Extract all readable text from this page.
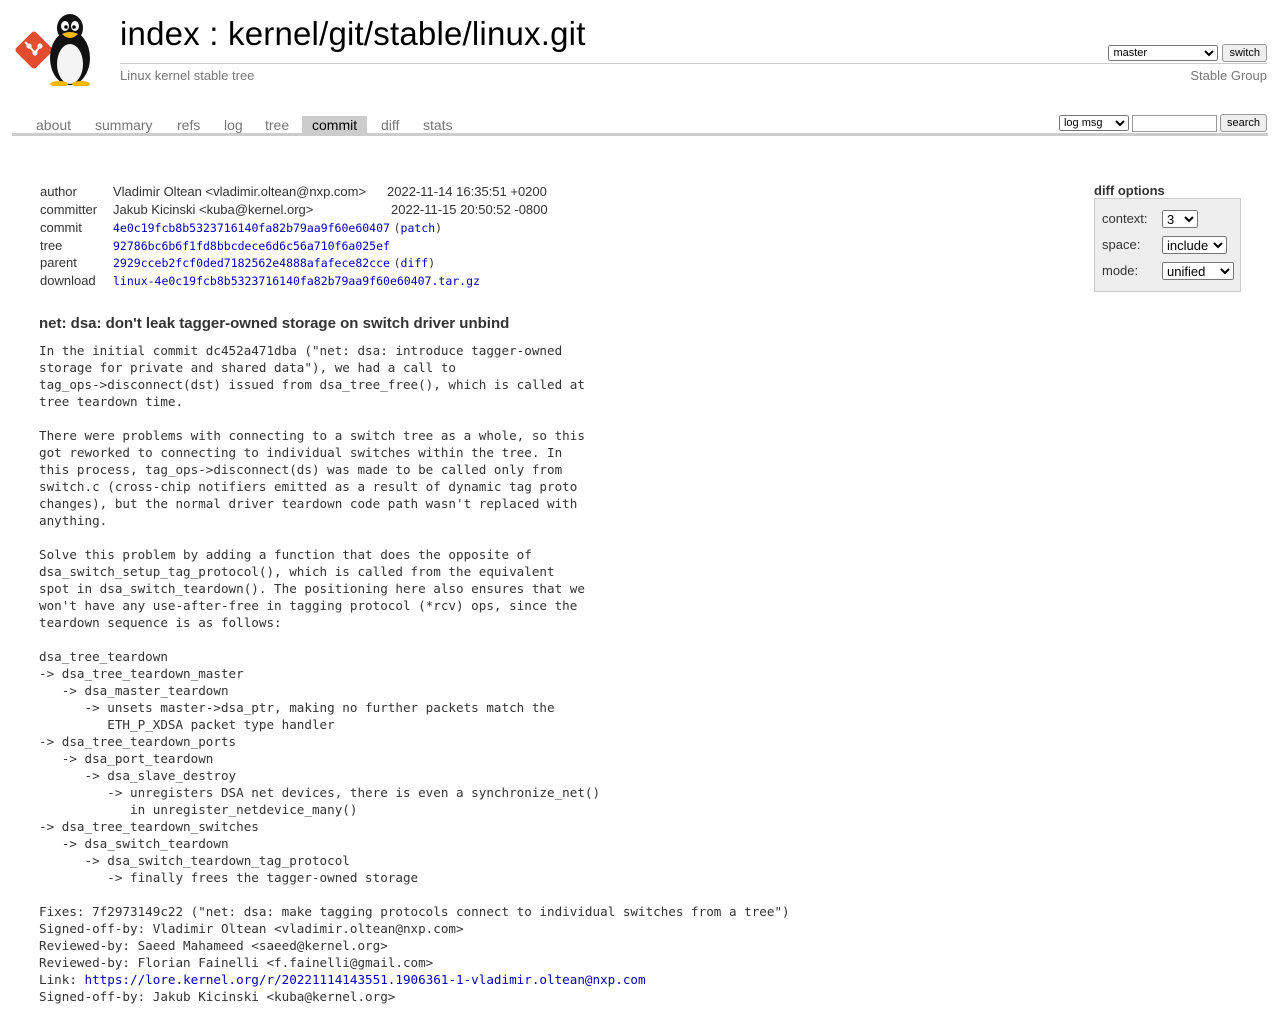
index : kernel/git/stable/linux.git
Linux kernel stable tree	Stable Group
master
switch
about	summary	refs	log	tree	commit	diff	stats
log msg	search
diff options
context:
3
space:
include
mode:
unified
author	Vladimir Oltean <vladimir.oltean@nxp.com> 2022-11-14 16:35:51 +0200
committer Jakub Kicinski <kuba@kernel.org>	2022-11-15 20:50:52 -0800
commit	4e0c19fcb8b5323716140fa82b79aa9f60e60407 (patch)
tree	92786bc6b6f1fd8bbcdece6d6c56a710f6a025ef
parent	2929cceb2fcf0ded7182562e4888afafece82cce (diff)
download linux-4e0c19fcb8b5323716140fa82b79aa9f60e60407.tar.gz
net: dsa: don't leak tagger-owned storage on switch driver unbind
In the initial commit dc452a471dba ("net: dsa: introduce tagger-owned
storage for private and shared data"), we had a call to
tag_ops->disconnect(dst) issued from dsa_tree_free(), which is called at
tree teardown time.

There were problems with connecting to a switch tree as a whole, so this
got reworked to connecting to individual switches within the tree. In
this process, tag_ops->disconnect(ds) was made to be called only from
switch.c (cross-chip notifiers emitted as a result of dynamic tag proto
changes), but the normal driver teardown code path wasn't replaced with
anything.

Solve this problem by adding a function that does the opposite of
dsa_switch_setup_tag_protocol(), which is called from the equivalent
spot in dsa_switch_teardown(). The positioning here also ensures that we
won't have any use-after-free in tagging protocol (*rcv) ops, since the
teardown sequence is as follows:

dsa_tree_teardown
-> dsa_tree_teardown_master
-> dsa_master_teardown
-> unsets master->dsa_ptr, making no further packets match the
ETH_P_XDSA packet type handler
-> dsa_tree_teardown_ports
-> dsa_port_teardown
-> dsa_slave_destroy
-> unregisters DSA net devices, there is even a synchronize_net()
in unregister_netdevice_many()
-> dsa_tree_teardown_switches
-> dsa_switch_teardown
-> dsa_switch_teardown_tag_protocol
-> finally frees the tagger-owned storage

Fixes: 7f2973149c22 ("net: dsa: make tagging protocols connect to individual switches from a tree")
Signed-off-by: Vladimir Oltean <vladimir.oltean@nxp.com>
Reviewed-by: Saeed Mahameed <saeed@kernel.org>
Reviewed-by: Florian Fainelli <f.fainelli@gmail.com>
Link: https://lore.kernel.org/r/20221114143551.1906361-1-vladimir.oltean@nxp.com
Signed-off-by: Jakub Kicinski <kuba@kernel.org>
